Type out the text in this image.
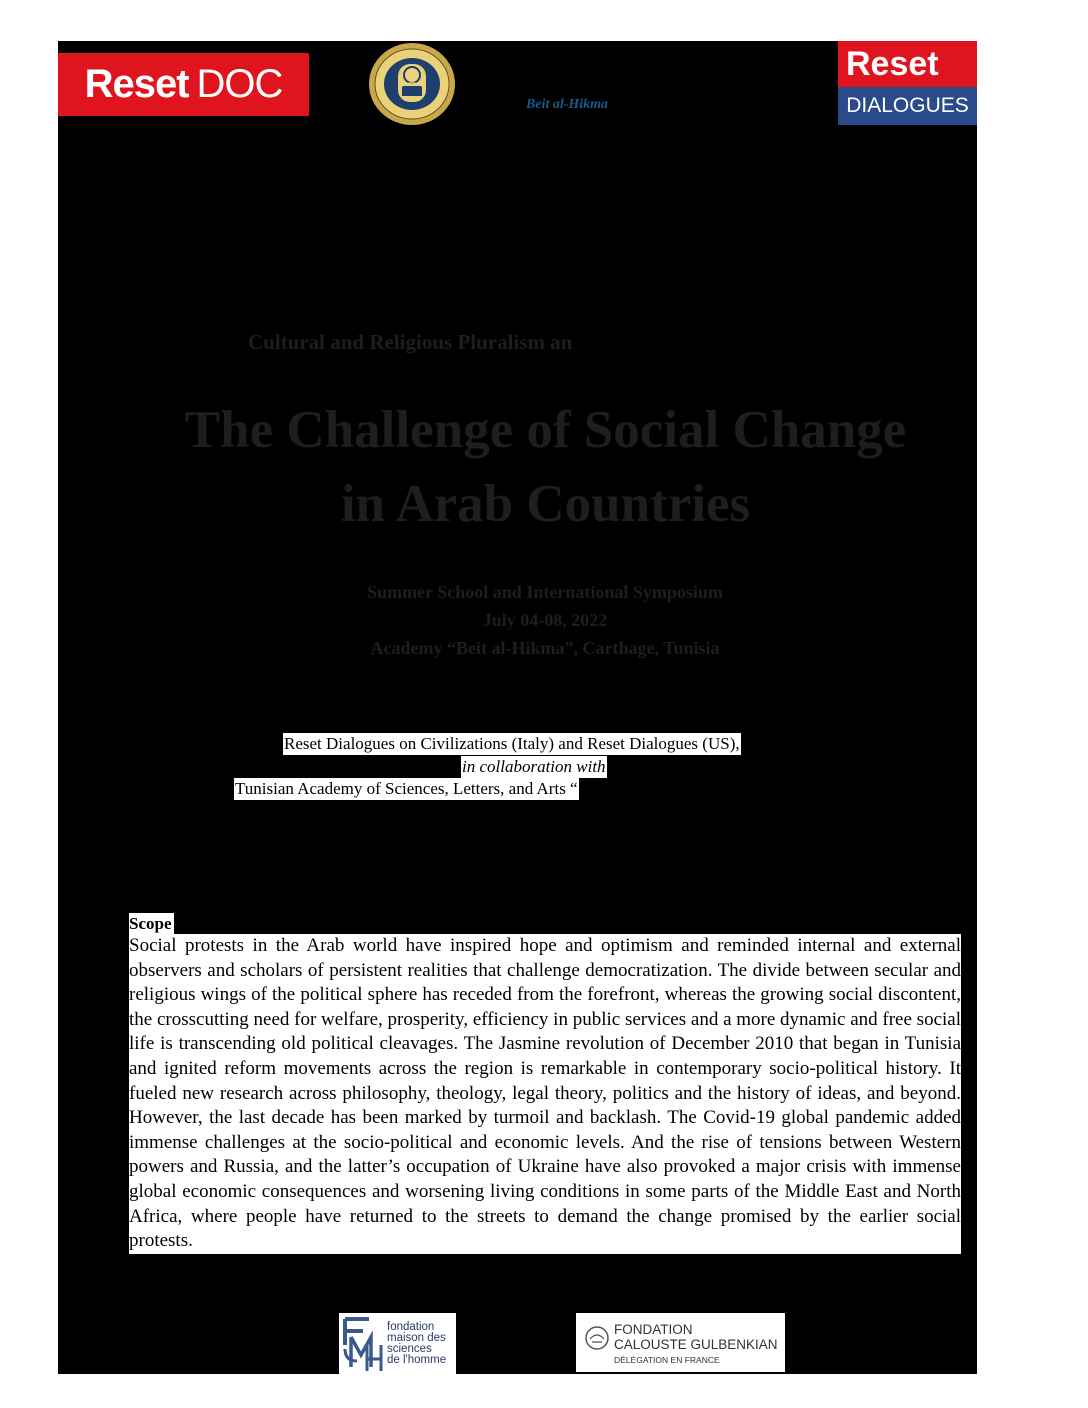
Reset DOC	Beit al-Hikma
Reset
DIALOGUES
Cultural and Religious Pluralism an
The Challenge of Social Change
in Arab Countries
Summer School and International Symposium
July 04-08, 2022
Academy “Beit al-Hikma”, Carthage, Tunisia
Reset Dialogues on Civilizations (Italy) and Reset Dialogues (US),
in collaboration with
Tunisian Academy of Sciences, Letters, and Arts “
Scope
Social protests in the Arab world have inspired hope and optimism and reminded internal and external observers and scholars of persistent realities that challenge democratization. The divide between secular and religious wings of the political sphere has receded from the forefront, whereas the growing social discontent, the crosscutting need for welfare, prosperity, efficiency in public services and a more dynamic and free social life is transcending old political cleavages. The Jasmine revolution of December 2010 that began in Tunisia and ignited reform movements across the region is remarkable in contemporary socio-political history. It fueled new research across philosophy, theology, legal theory, politics and the history of ideas, and beyond. However, the last decade has been marked by turmoil and backlash. The Covid-19 global pandemic added immense challenges at the socio-political and economic levels. And the rise of tensions between Western powers and Russia, and the latter’s occupation of Ukraine have also provoked a major crisis with immense global economic consequences and worsening living conditions in some parts of the Middle East and North Africa, where people have returned to the streets to demand the change promised by the earlier social protests.
fondation
maison des
sciences
de l'homme
FONDATION
CALOUSTE GULBENKIAN
DÉLÉGATION EN FRANCE
